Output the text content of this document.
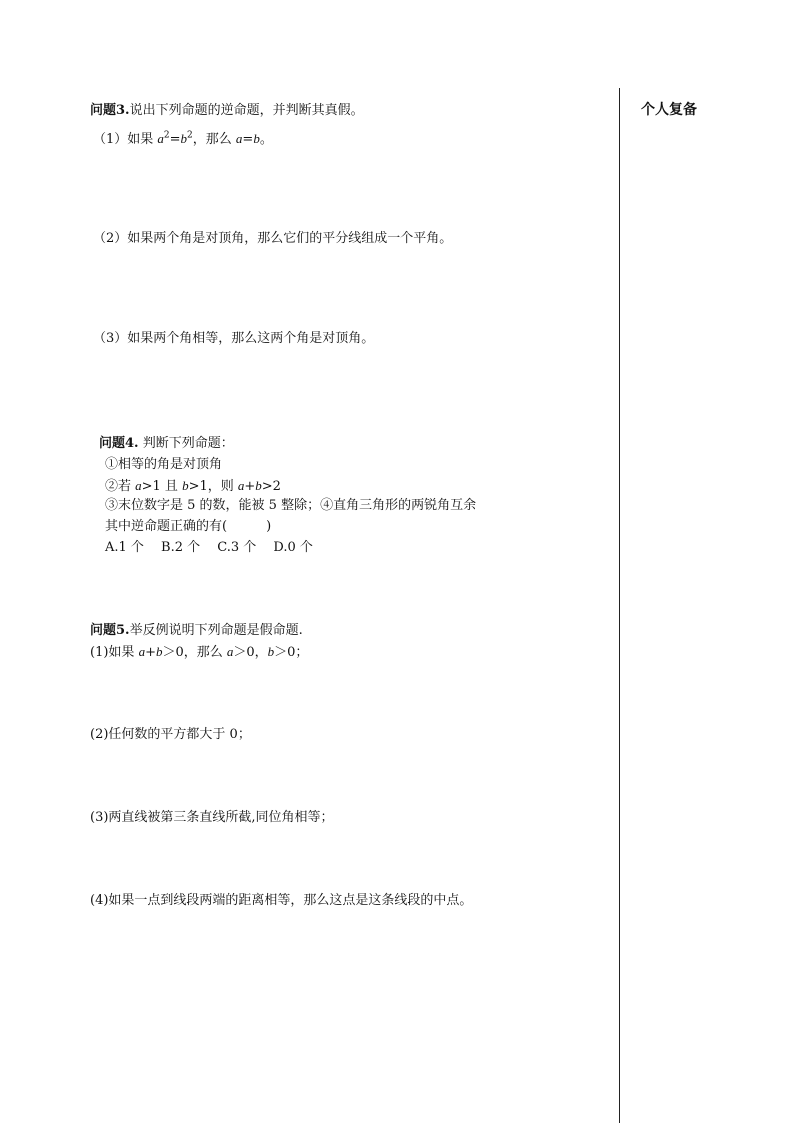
个人复备
问题3.说出下列命题的逆命题，并判断其真假。
（1）如果 $a^2=b^2$，那么 a=b。
（2）如果两个角是对顶角，那么它们的平分线组成一个平角。
（3）如果两个角相等，那么这两个角是对顶角。
问题4. 判断下列命题：
①相等的角是对顶角
②若 a>1 且 b>1，则 a+b>2
③末位数字是 5 的数，能被 5 整除；④直角三角形的两锐角互余
其中逆命题正确的有(　　　)
A.1 个　 B.2 个　 C.3 个　 D.0 个
问题5.举反例说明下列命题是假命题.
(1)如果 a+b＞0，那么 a＞0，b＞0；
(2)任何数的平方都大于 0；
(3)两直线被第三条直线所截,同位角相等；
(4)如果一点到线段两端的距离相等，那么这点是这条线段的中点。
